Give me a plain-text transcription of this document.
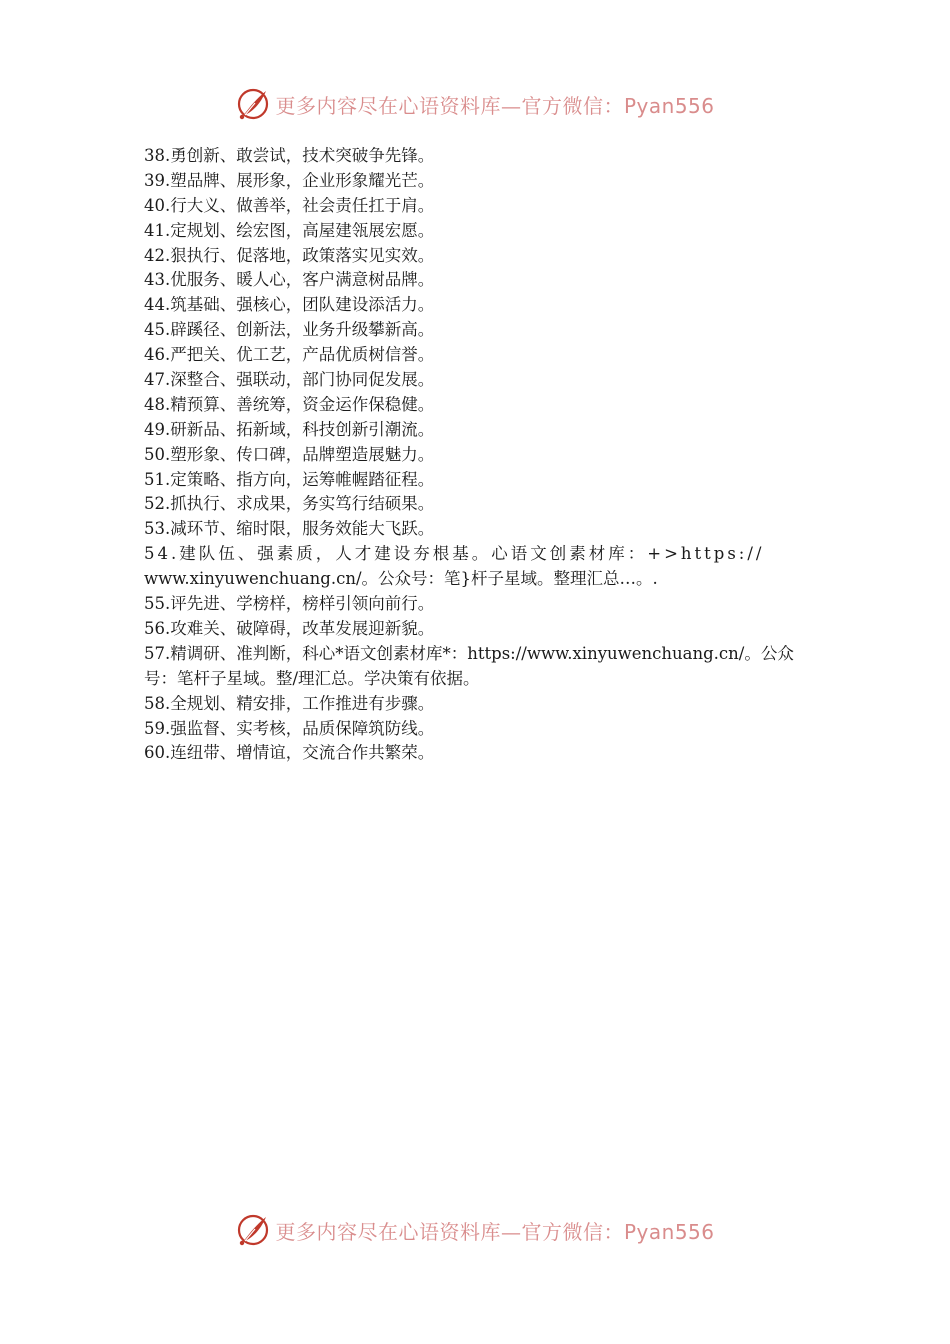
更多内容尽在心语资料库—官方微信：Pyan556
38.勇创新、敢尝试，技术突破争先锋。
39.塑品牌、展形象，企业形象耀光芒。
40.行大义、做善举，社会责任扛于肩。
41.定规划、绘宏图，高屋建瓴展宏愿。
42.狠执行、促落地，政策落实见实效。
43.优服务、暖人心，客户满意树品牌。
44.筑基础、强核心，团队建设添活力。
45.辟蹊径、创新法，业务升级攀新高。
46.严把关、优工艺，产品优质树信誉。
47.深整合、强联动，部门协同促发展。
48.精预算、善统筹，资金运作保稳健。
49.研新品、拓新域，科技创新引潮流。
50.塑形象、传口碑，品牌塑造展魅力。
51.定策略、指方向，运筹帷幄踏征程。
52.抓执行、求成果，务实笃行结硕果。
53.减环节、缩时限，服务效能大飞跃。
54.建队伍、强素质，人才建设夯根基。心语文创素材库：+>https://
www.xinyuwenchuang.cn/。公众号：笔}杆子星域。整理汇总…。.
55.评先进、学榜样，榜样引领向前行。
56.攻难关、破障碍，改革发展迎新貌。
57.精调研、准判断，科心*语文创素材库*：https://www.xinyuwenchuang.cn/。公众号：笔杆子星域。整/理汇总。学决策有依据。
58.全规划、精安排，工作推进有步骤。
59.强监督、实考核，品质保障筑防线。
60.连纽带、增情谊，交流合作共繁荣。
更多内容尽在心语资料库—官方微信：Pyan556
